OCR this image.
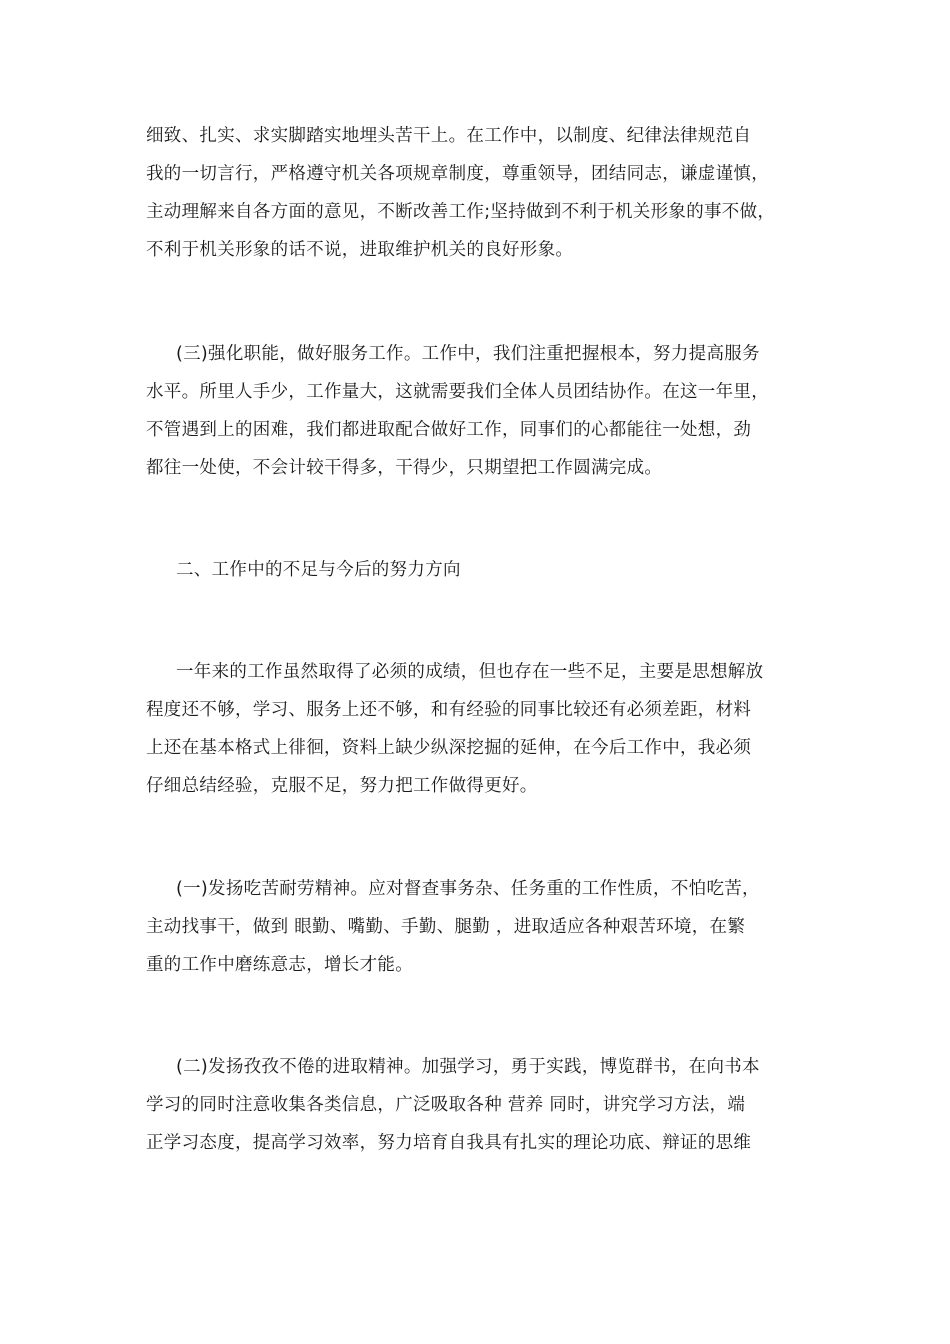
细致、扎实、求实脚踏实地埋头苦干上。在工作中，以制度、纪律法律规范自
我的一切言行，严格遵守机关各项规章制度，尊重领导，团结同志，谦虚谨慎，
主动理解来自各方面的意见，不断改善工作;坚持做到不利于机关形象的事不做，
不利于机关形象的话不说，进取维护机关的良好形象。
(三)强化职能，做好服务工作。工作中，我们注重把握根本，努力提高服务
水平。所里人手少，工作量大，这就需要我们全体人员团结协作。在这一年里，
不管遇到上的困难，我们都进取配合做好工作，同事们的心都能往一处想，劲
都往一处使，不会计较干得多，干得少，只期望把工作圆满完成。
二、工作中的不足与今后的努力方向
一年来的工作虽然取得了必须的成绩，但也存在一些不足，主要是思想解放
程度还不够，学习、服务上还不够，和有经验的同事比较还有必须差距，材料
上还在基本格式上徘徊，资料上缺少纵深挖掘的延伸，在今后工作中，我必须
仔细总结经验，克服不足，努力把工作做得更好。
(一)发扬吃苦耐劳精神。应对督查事务杂、任务重的工作性质，不怕吃苦，
主动找事干，做到 眼勤、嘴勤、手勤、腿勤 ，进取适应各种艰苦环境，在繁
重的工作中磨练意志，增长才能。
(二)发扬孜孜不倦的进取精神。加强学习，勇于实践，博览群书，在向书本
学习的同时注意收集各类信息，广泛吸取各种 营养 同时，讲究学习方法，端
正学习态度，提高学习效率，努力培育自我具有扎实的理论功底、辩证的思维
